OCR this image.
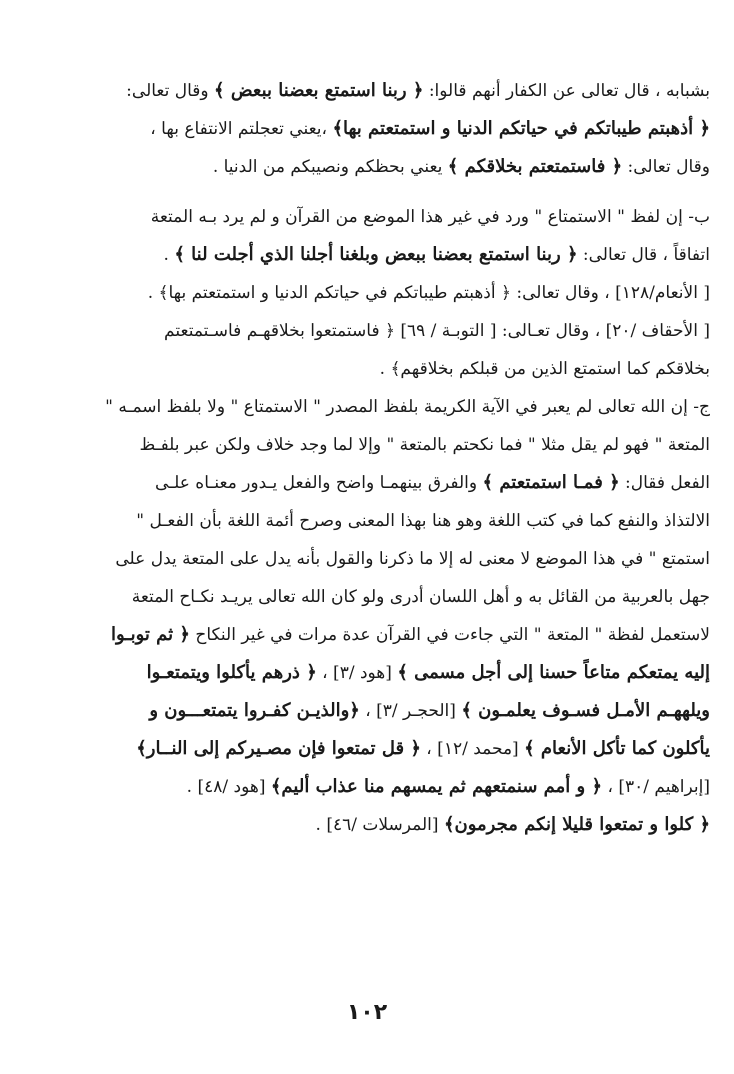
بشبابه ، قال تعالى عن الكفار أنهم قالوا: ﴿ ربنا استمتع بعضنا ببعض ﴾ وقال تعالى:
﴿ أذهبتم طيباتكم في حياتكم الدنيا و استمتعتم بها﴾ ،يعني تعجلتم الانتفاع بها ،
وقال تعالى: ﴿ فاستمتعتم بخلاقكم ﴾ يعني بحظكم ونصيبكم من الدنيا .
ب- إن لفظ " الاستمتاع " ورد في غير هذا الموضع من القرآن و لم يرد بـه المتعة
اتفاقاً ، قال تعالى: ﴿ ربنا استمتع بعضنا ببعض وبلغنا أجلنا الذي أجلت لنا ﴾ .
[ الأنعام/١٢٨] ، وقال تعالى: ﴿ أذهبتم طيباتكم في حياتكم الدنيا و استمتعتم بها﴾ .
[ الأحقاف /٢٠] ، وقال تعـالى: [ التوبـة / ٦٩] ﴿ فاستمتعوا بخلاقهـم فاسـتمتعتم
بخلاقكم كما استمتع الذين من قبلكم بخلاقهم﴾ .
ج- إن الله تعالى لم يعبر في الآية الكريمة بلفظ المصدر " الاستمتاع " ولا بلفظ اسمـه "
المتعة " فهو لم يقل مثلا " فما نكحتم بالمتعة " وإلا لما وجد خلاف ولكن عبر بلفـظ
الفعل فقال: ﴿ فمـا استمتعتم ﴾ والفرق بينهمـا واضح والفعل يـدور معنـاه علـى
الالتذاذ والنفع كما في كتب اللغة وهو هنا بهذا المعنى وصرح أئمة اللغة بأن الفعـل "
استمتع " في هذا الموضع لا معنى له إلا ما ذكرنا والقول بأنه يدل على المتعة يدل على
جهل بالعربية من القائل به و أهل اللسان أدرى ولو كان الله تعالى يريـد نكـاح المتعة
لاستعمل لفظة " المتعة " التي جاءت في القرآن عدة مرات في غير النكاح ﴿ ثم توبـوا
إليه يمتعكم متاعاً حسنا إلى أجل مسمى ﴾ [هود /٣] ، ﴿ ذرهم يأكلوا ويتمتعـوا
ويلههـم الأمـل فسـوف يعلمـون ﴾ [الحجـر /٣] ، ﴿والذيـن كفـروا يتمتعـــون و
يأكلون كما تأكل الأنعام ﴾ [محمد /١٢] ، ﴿ قل تمتعوا فإن مصـيركم إلى النــار﴾
[إبراهيم /٣٠] ، ﴿ و أمم سنمتعهم ثم يمسهم منا عذاب أليم﴾ [هود /٤٨] .
﴿ كلوا و تمتعوا قليلا إنكم مجرمون﴾ [المرسلات /٤٦] .
١٠٢
